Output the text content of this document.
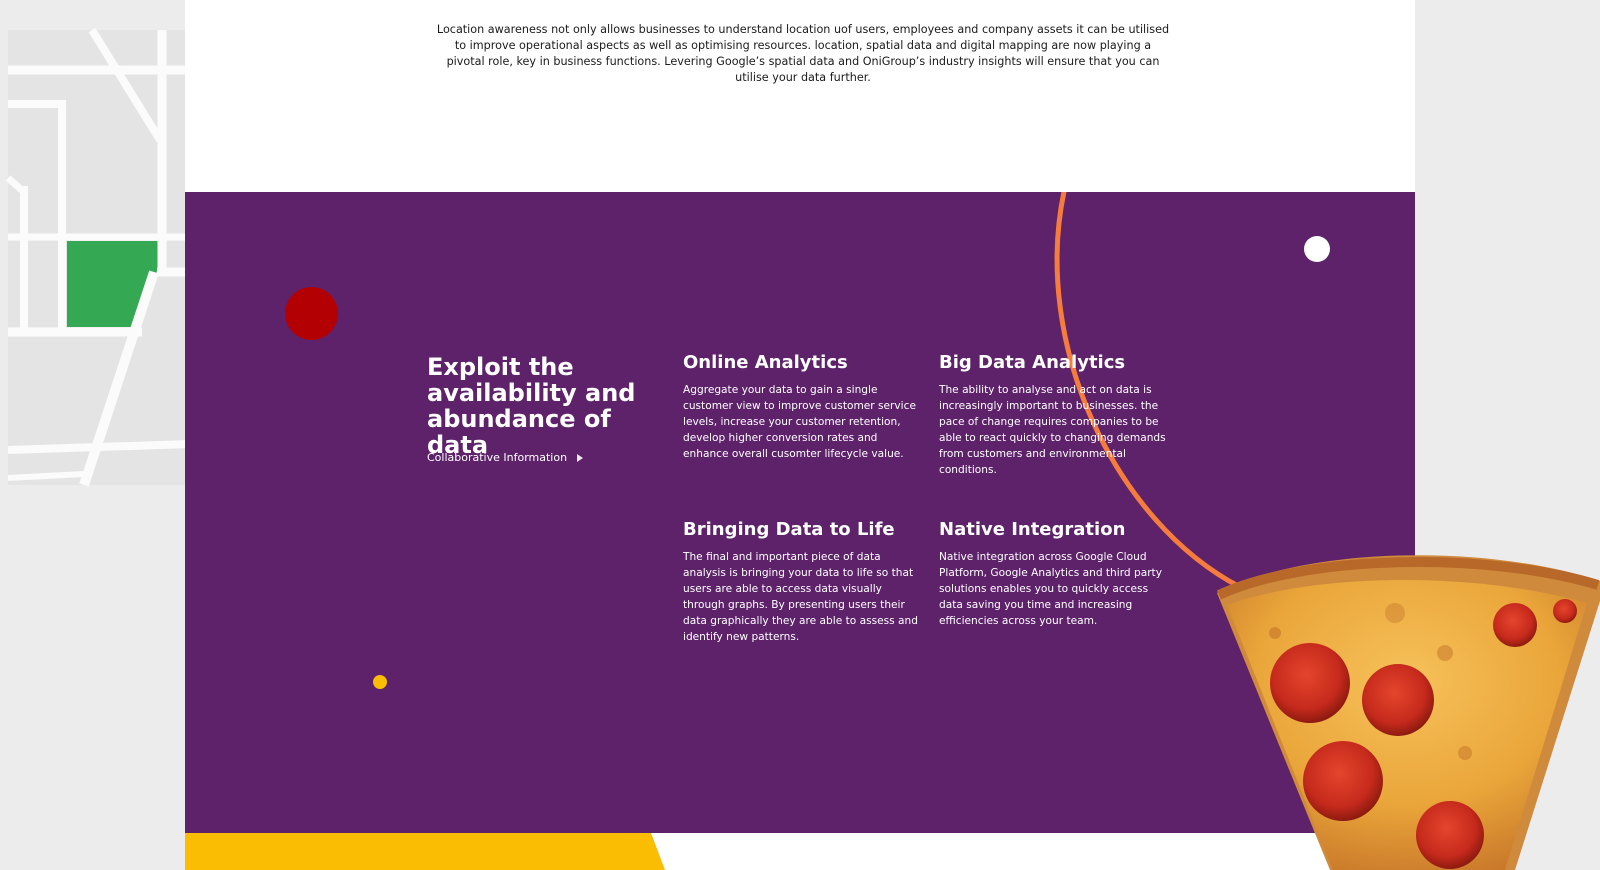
Location awareness not only allows businesses to understand location uof users, employees and company assets it can be utilised to improve operational aspects as well as optimising resources. location, spatial data and digital mapping are now playing a pivotal role, key in business functions. Levering Google’s spatial data and OniGroup’s industry insights will ensure that you can utilise your data further.

Exploit the availability and abundance of data
Collaborative Information
Online Analytics

Aggregate your data to gain a single customer view to improve customer service levels, increase your customer retention, develop higher conversion rates and enhance overall cusomter lifecycle value.

Big Data Analytics

The ability to analyse and act on data is increasingly important to businesses. the pace of change requires companies to be able to react quickly to changing demands from customers and environmental conditions.

Bringing Data to Life

The final and important piece of data analysis is bringing your data to life so that users are able to access data visually through graphs. By presenting users their data graphically they are able to assess and identify new patterns.

Native Integration

Native integration across Google Cloud Platform, Google Analytics and third party solutions enables you to quickly access data saving you time and increasing efficiencies across your team.
